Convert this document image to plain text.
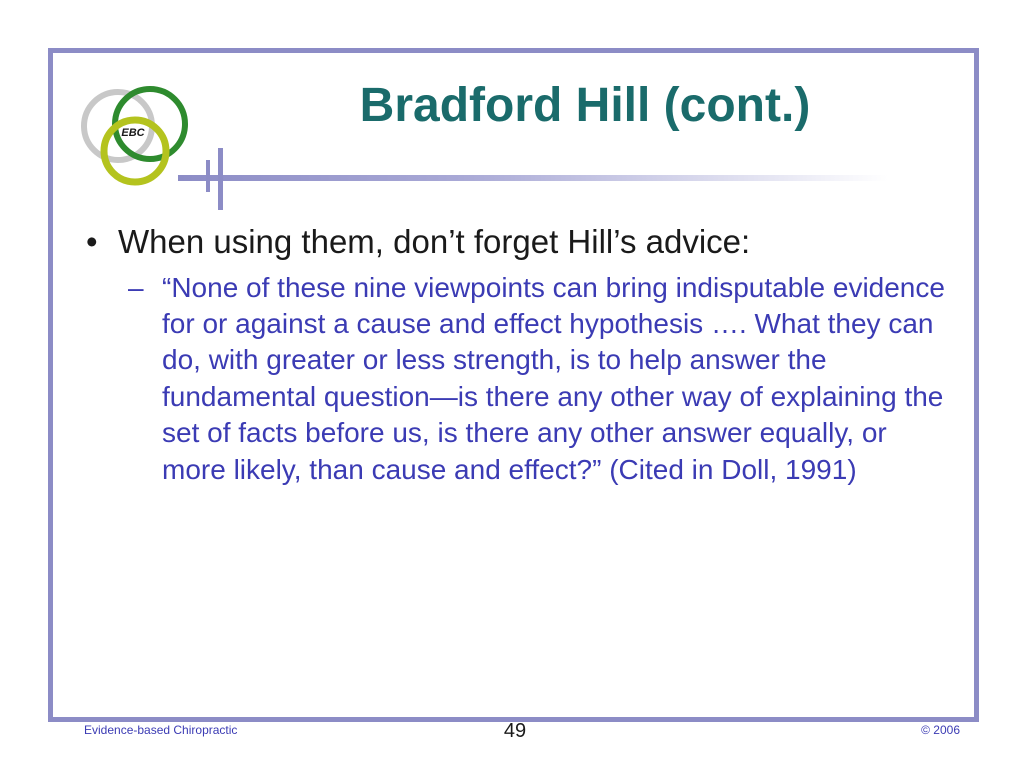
EBC
Bradford Hill (cont.)
• When using them, don’t forget Hill’s advice:
– “None of these nine viewpoints can bring indisputable evidence for or against a cause and effect hypothesis …. What they can do, with greater or less strength, is to help answer the fundamental question—is there any other way of explaining the set of facts before us, is there any other answer equally, or more likely, than cause and effect?” (Cited in Doll, 1991)
Evidence-based Chiropractic	49	© 2006
